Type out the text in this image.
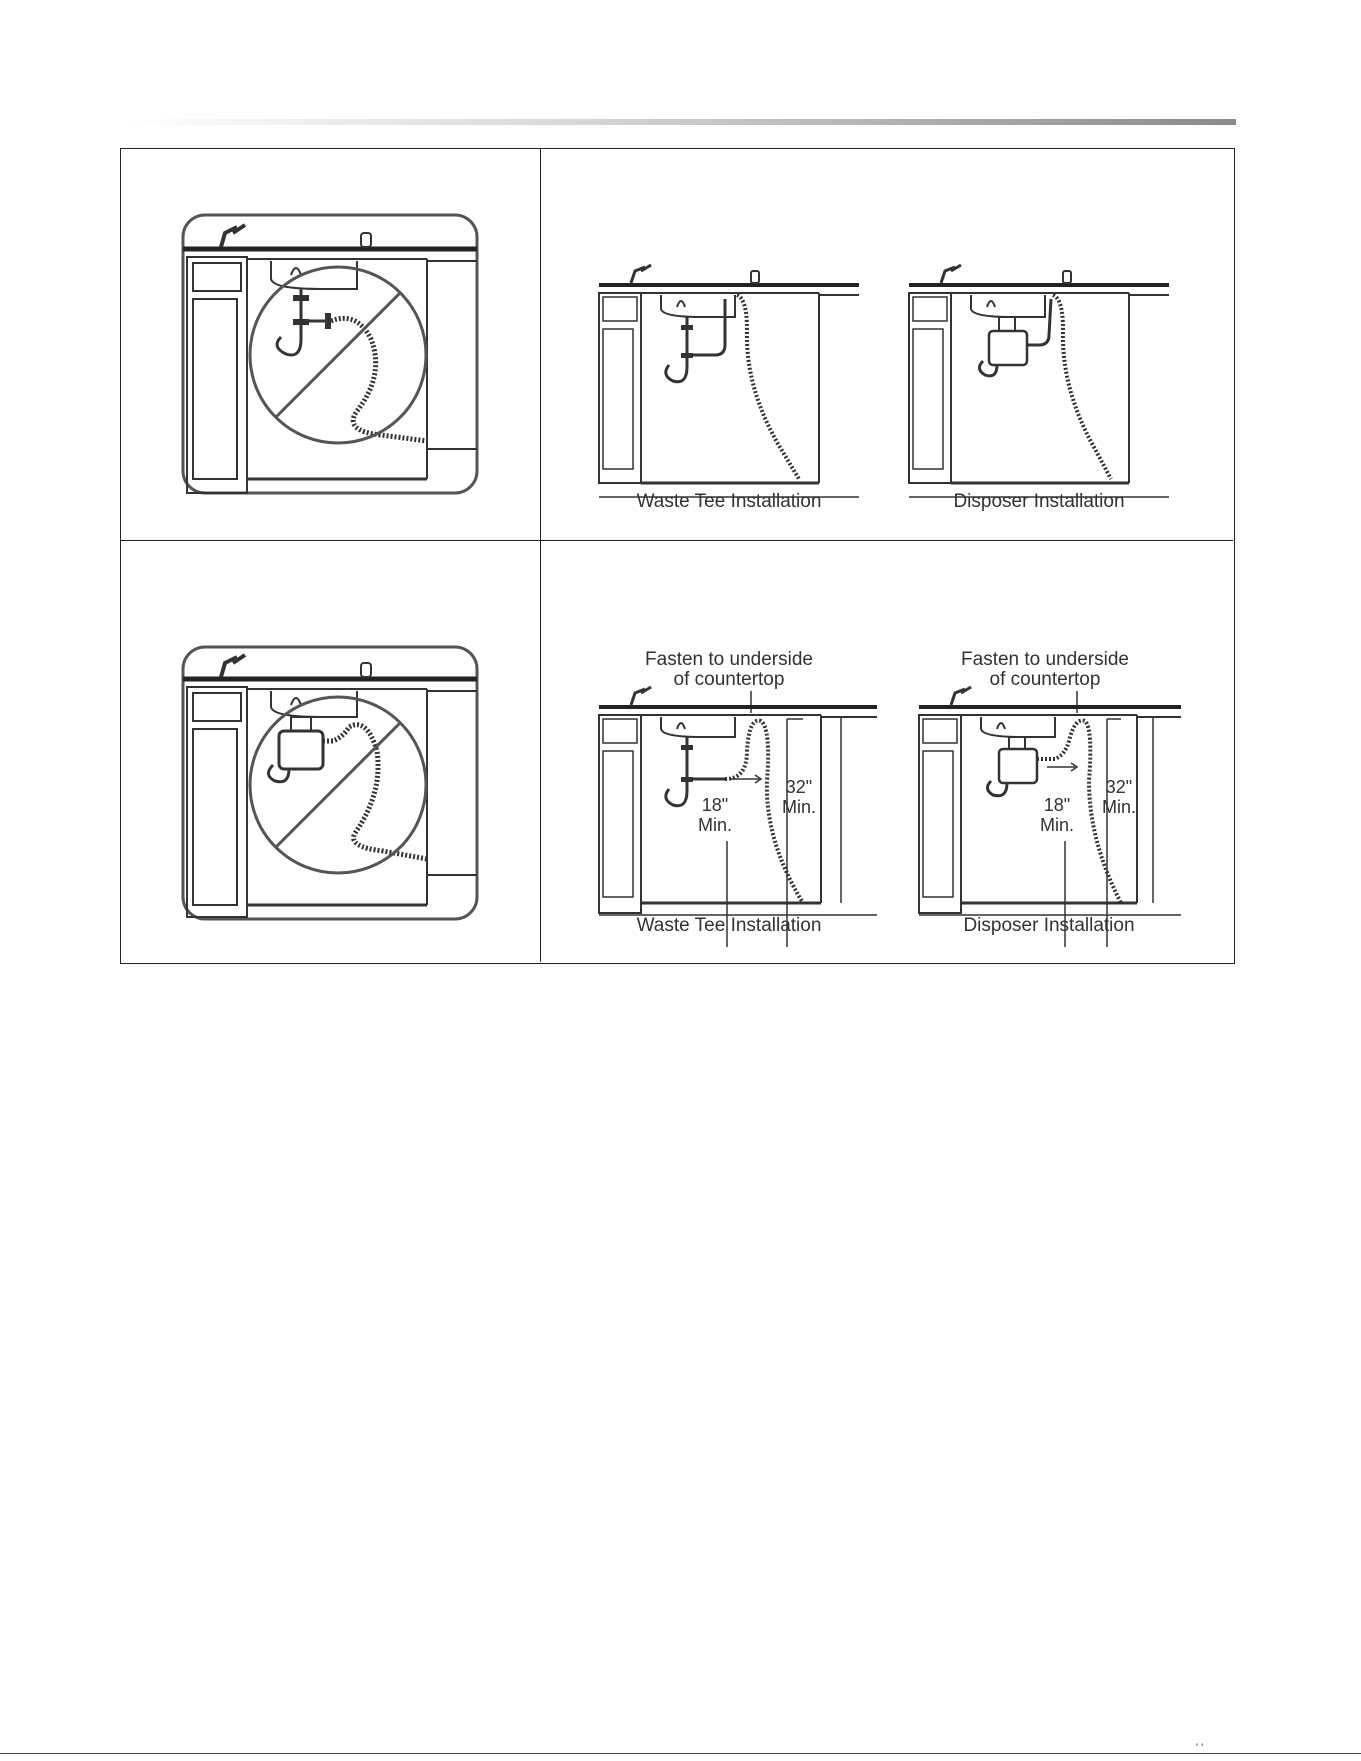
Waste Tee Installation	Disposer Installation
Fasten to underside
of countertop
32"
Min.
18"
Min.
Waste Tee Installation
Fasten to underside
of countertop
32"
Min.
18"
Min.
Disposer Installation
' '
